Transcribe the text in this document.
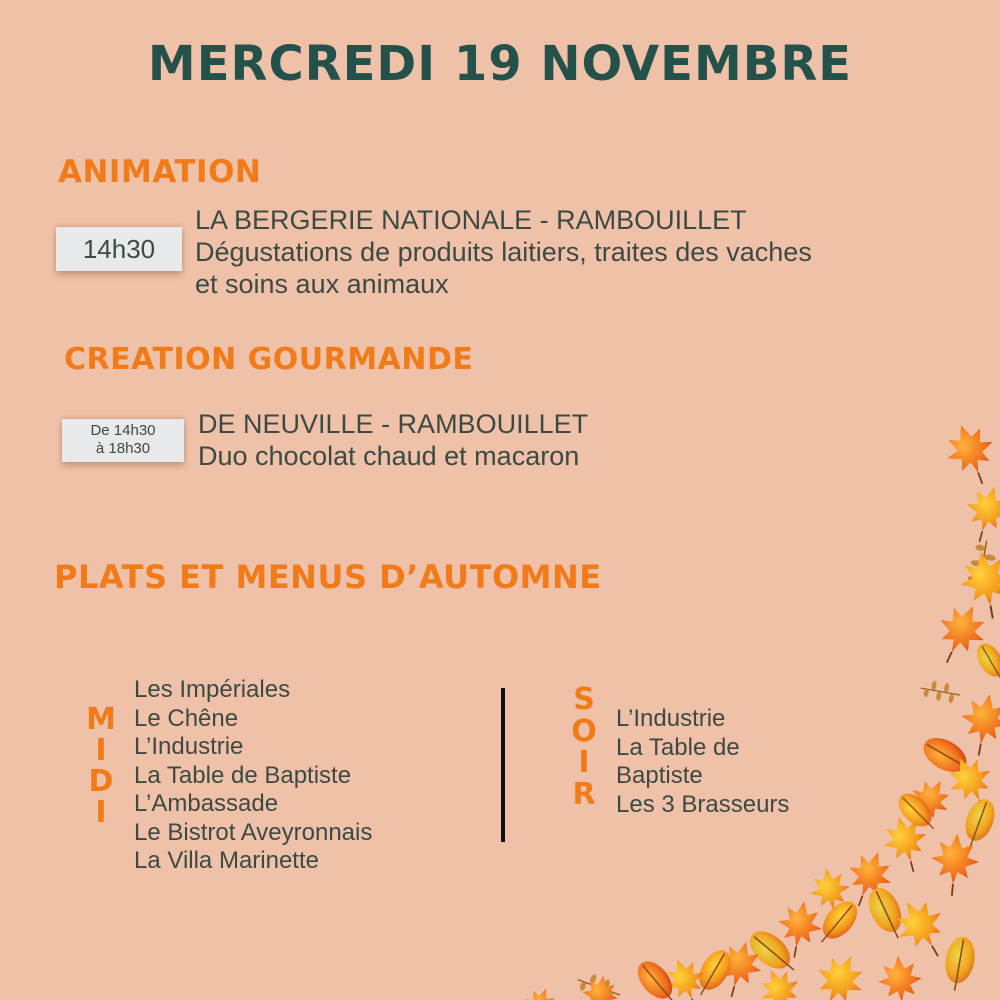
MERCREDI 19 NOVEMBRE
ANIMATION
14h30
LA BERGERIE NATIONALE - RAMBOUILLET
Dégustations de produits laitiers, traites des vaches
et soins aux animaux
CREATION GOURMANDE
De 14h30
à 18h30
DE NEUVILLE - RAMBOUILLET
Duo chocolat chaud et macaron
PLATS ET MENUS D’AUTOMNE
M
I
D
I
Les Impériales
Le Chêne
L’Industrie
La Table de Baptiste
L’Ambassade
Le Bistrot Aveyronnais
La Villa Marinette
S
O
I
R
L’Industrie
La Table de
Baptiste
Les 3 Brasseurs
